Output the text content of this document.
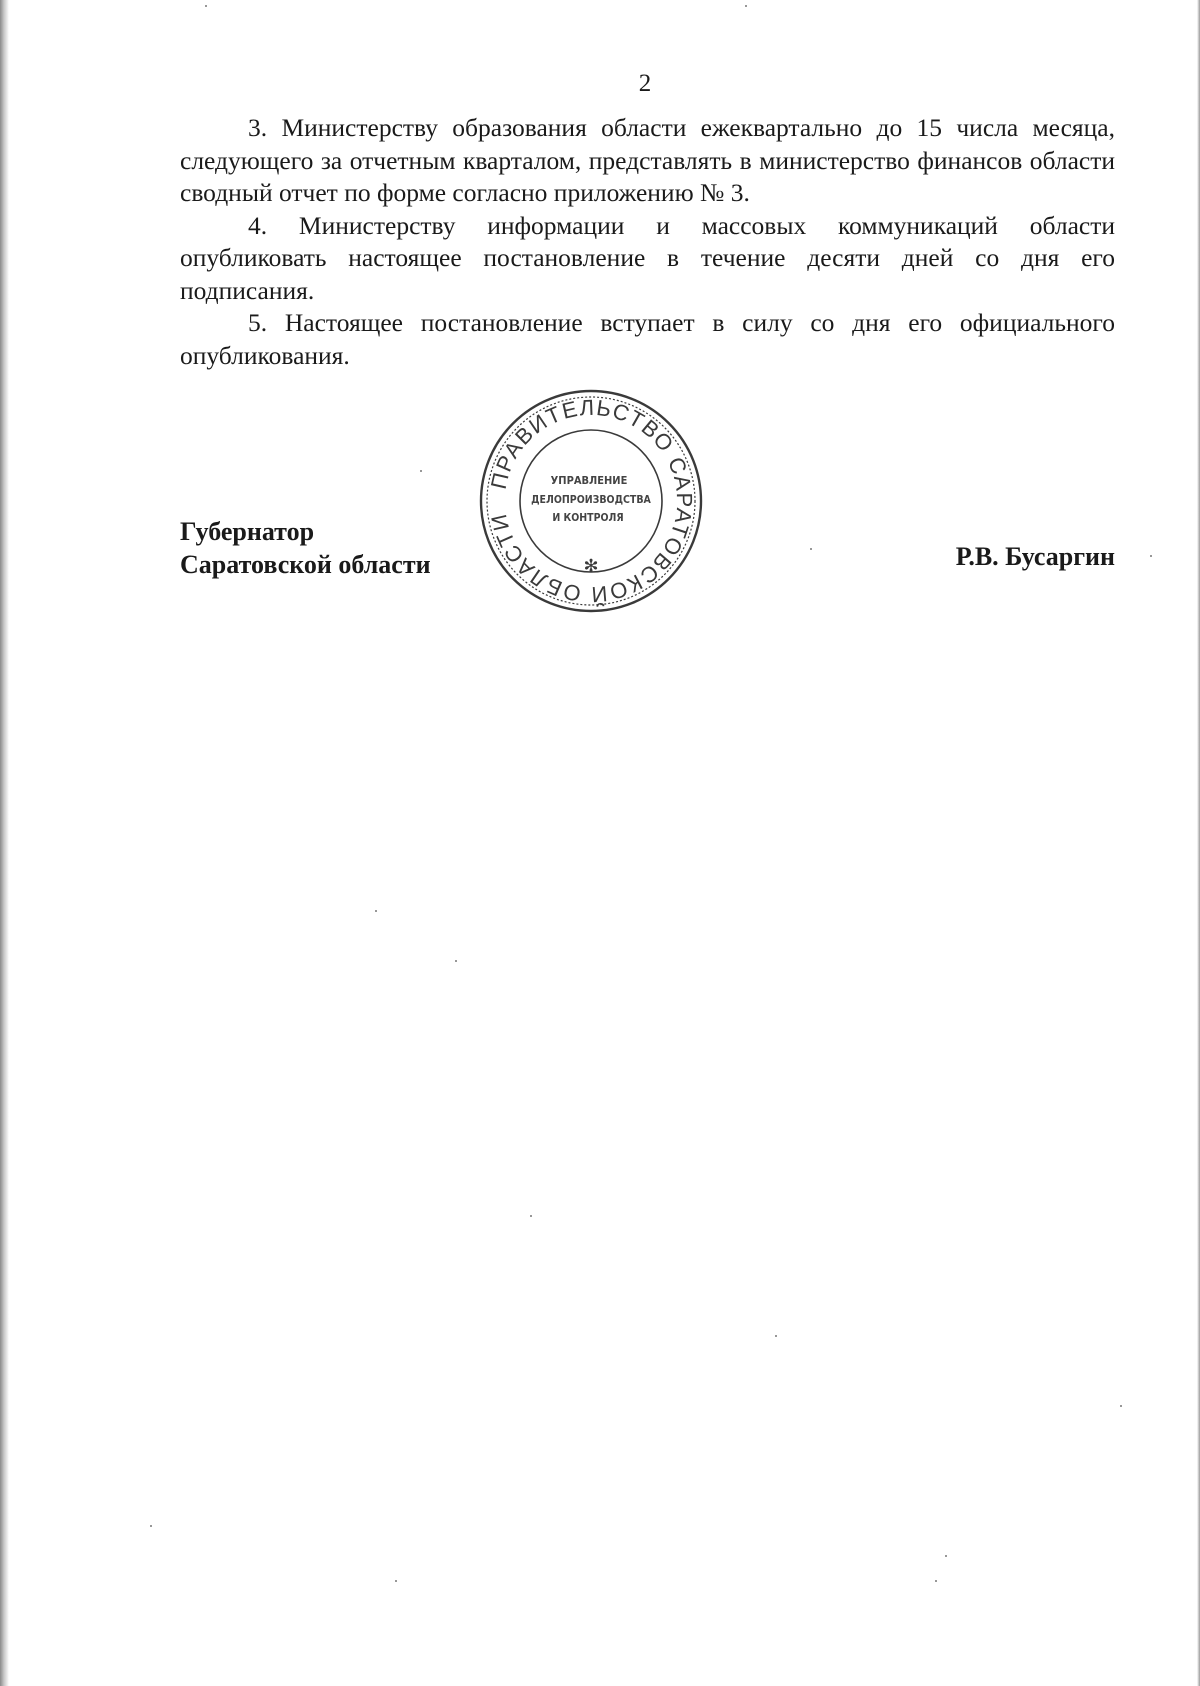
2

3. Министерству образования области ежеквартально до 15 числа месяца, следующего за отчетным кварталом, представлять в министерство финансов области сводный отчет по форме согласно приложению № 3.

4. Министерству информации и массовых коммуникаций области опубликовать настоящее постановление в течение десяти дней со дня его подписания.

5. Настоящее постановление вступает в силу со дня его официального опубликования.

Губернатор
Саратовской области	Р.В. Бусаргин
ПРАВИТЕЛЬСТВО САРАТОВСКОЙ ОБЛАСТИ
✻
УПРАВЛЕНИЕ
ДЕЛОПРОИЗВОДСТВА
И КОНТРОЛЯ
